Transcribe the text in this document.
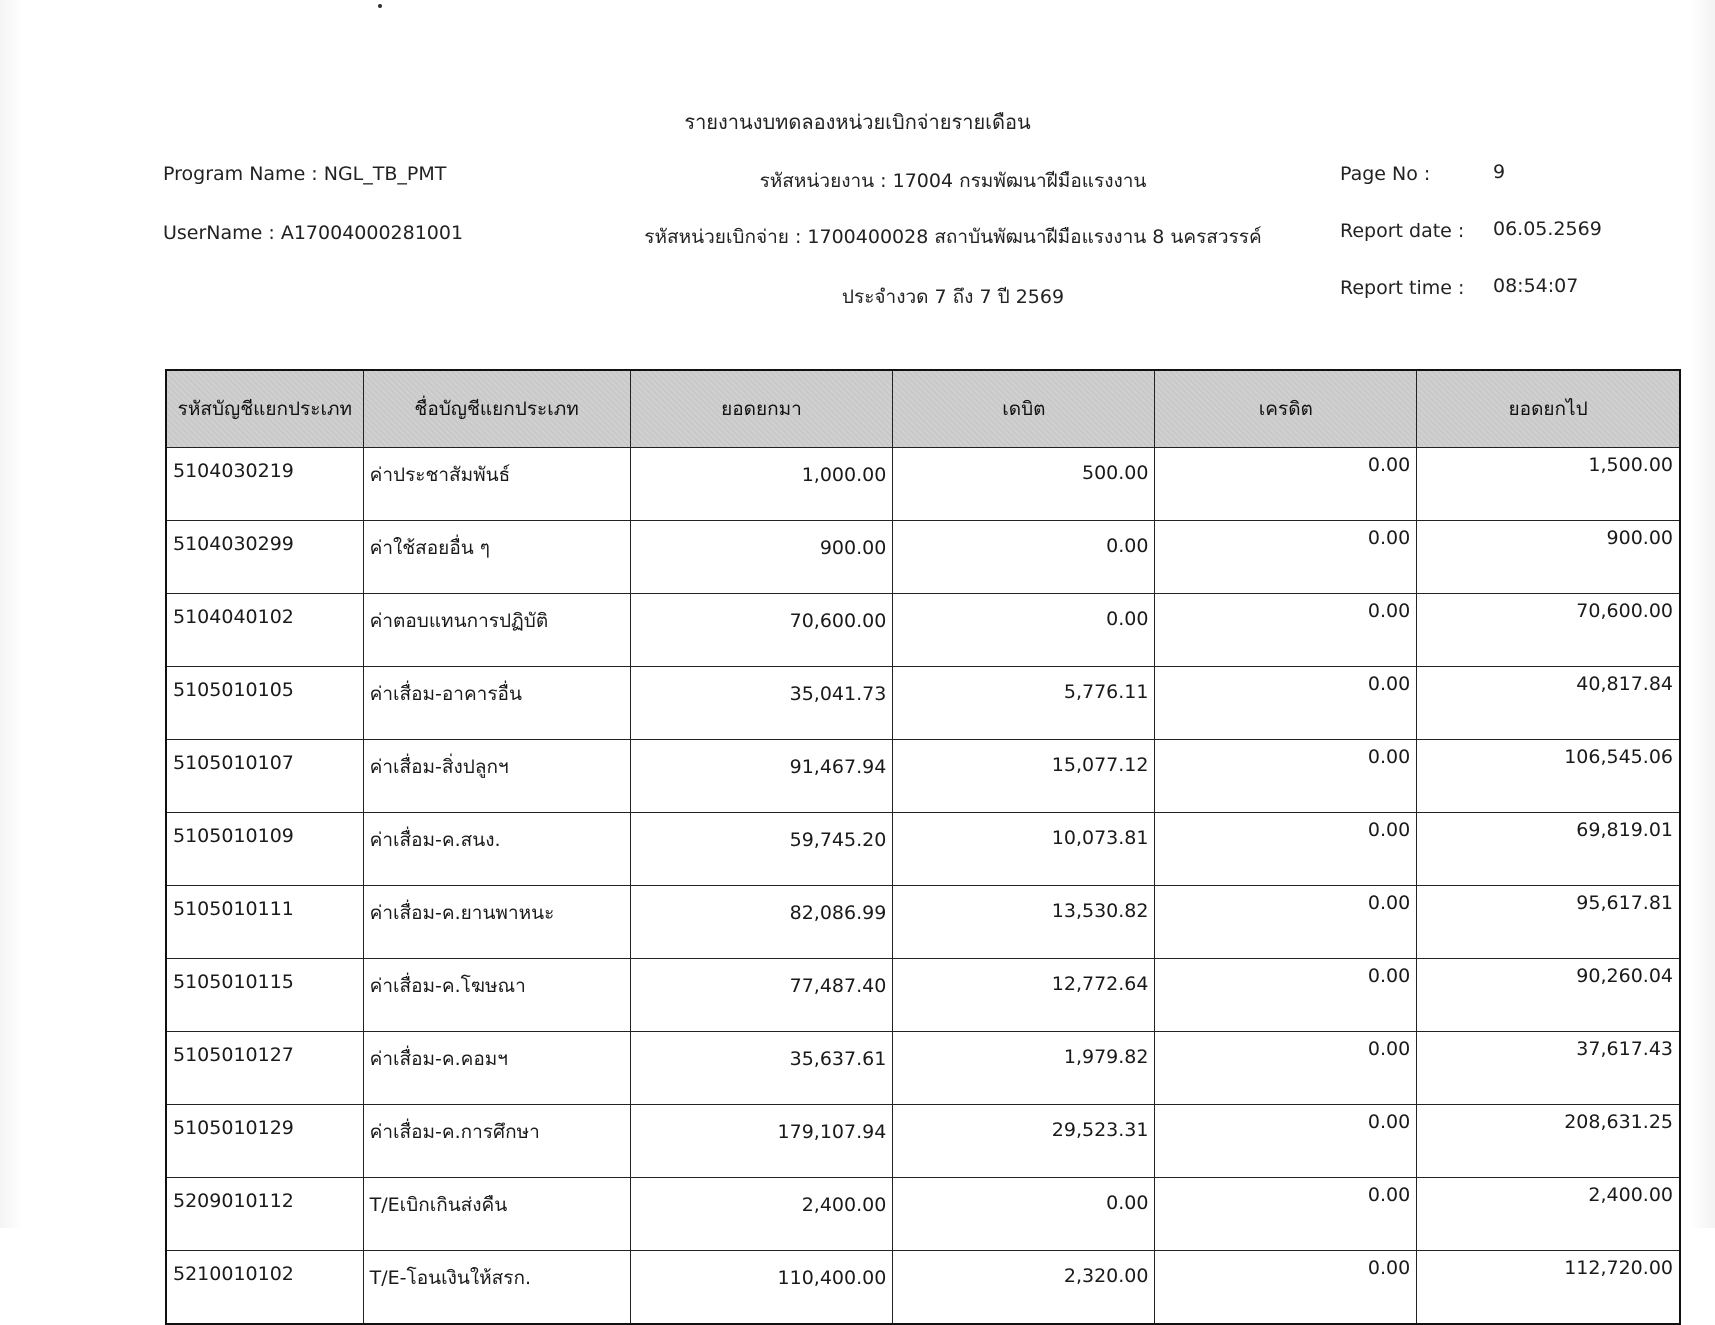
รายงานงบทดลองหน่วยเบิกจ่ายรายเดือน
Program Name : NGL_TB_PMT
UserName : A17004000281001
รหัสหน่วยงาน : 17004 กรมพัฒนาฝีมือแรงงาน
รหัสหน่วยเบิกจ่าย : 1700400028 สถาบันพัฒนาฝีมือแรงงาน 8 นครสวรรค์
ประจำงวด 7 ถึง 7 ปี 2569
Page No :	9
Report date : 06.05.2569
Report time : 08:54:07
รหัสบัญชีแยกประเภท	ชื่อบัญชีแยกประเภท	ยอดยกมา	เดบิต	เครดิต	ยอดยกไป
5104030219	ค่าประชาสัมพันธ์	1,000.00	500.00	0.00	1,500.00
5104030299	ค่าใช้สอยอื่น ๆ	900.00	0.00	0.00	900.00
5104040102	ค่าตอบแทนการปฏิบัติ	70,600.00	0.00	0.00	70,600.00
5105010105	ค่าเสื่อม-อาคารอื่น	35,041.73	5,776.11	0.00	40,817.84
5105010107	ค่าเสื่อม-สิ่งปลูกฯ	91,467.94	15,077.12	0.00	106,545.06
5105010109	ค่าเสื่อม-ค.สนง.	59,745.20	10,073.81	0.00	69,819.01
5105010111	ค่าเสื่อม-ค.ยานพาหนะ	82,086.99	13,530.82	0.00	95,617.81
5105010115	ค่าเสื่อม-ค.โฆษณา	77,487.40	12,772.64	0.00	90,260.04
5105010127	ค่าเสื่อม-ค.คอมฯ	35,637.61	1,979.82	0.00	37,617.43
5105010129	ค่าเสื่อม-ค.การศึกษา	179,107.94	29,523.31	0.00	208,631.25
5209010112	T/Eเบิกเกินส่งคืน	2,400.00	0.00	0.00	2,400.00
5210010102	T/E-โอนเงินให้สรก.	110,400.00	2,320.00	0.00	112,720.00
